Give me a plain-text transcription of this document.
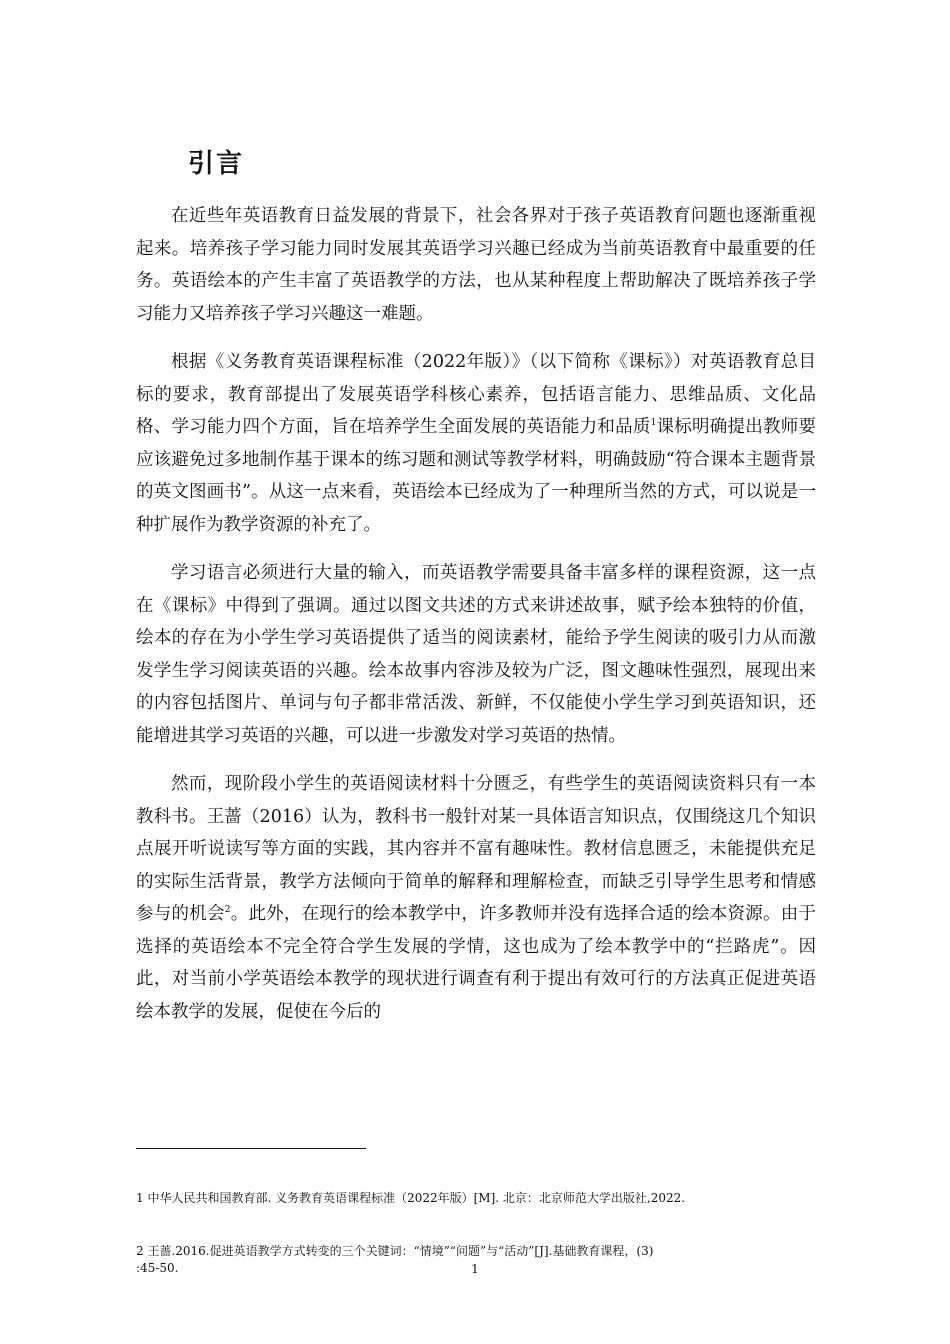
引言

在近些年英语教育日益发展的背景下，社会各界对于孩子英语教育问题也逐渐重视起来。培养孩子学习能力同时发展其英语学习兴趣已经成为当前英语教育中最重要的任务。英语绘本的产生丰富了英语教学的方法，也从某种程度上帮助解决了既培养孩子学习能力又培养孩子学习兴趣这一难题。

根据《义务教育英语课程标准（2022年版）》（以下简称《课标》）对英语教育总目标的要求，教育部提出了发展英语学科核心素养，包括语言能力、思维品质、文化品格、学习能力四个方面，旨在培养学生全面发展的英语能力和品质$^1$课标明确提出教师要应该避免过多地制作基于课本的练习题和测试等教学材料，明确鼓励“符合课本主题背景的英文图画书”。从这一点来看，英语绘本已经成为了一种理所当然的方式，可以说是一种扩展作为教学资源的补充了。

学习语言必须进行大量的输入，而英语教学需要具备丰富多样的课程资源，这一点在《课标》中得到了强调。通过以图文共述的方式来讲述故事，赋予绘本独特的价值，绘本的存在为小学生学习英语提供了适当的阅读素材，能给予学生阅读的吸引力从而激发学生学习阅读英语的兴趣。绘本故事内容涉及较为广泛，图文趣味性强烈，展现出来的内容包括图片、单词与句子都非常活泼、新鲜，不仅能使小学生学习到英语知识，还能增进其学习英语的兴趣，可以进一步激发对学习英语的热情。

然而，现阶段小学生的英语阅读材料十分匮乏，有些学生的英语阅读资料只有一本教科书。王蔷（2016）认为，教科书一般针对某一具体语言知识点，仅围绕这几个知识点展开听说读写等方面的实践，其内容并不富有趣味性。教材信息匮乏，未能提供充足的实际生活背景，教学方法倾向于简单的解释和理解检查，而缺乏引导学生思考和情感参与的机会$^2$。此外，在现行的绘本教学中，许多教师并没有选择合适的绘本资源。由于选择的英语绘本不完全符合学生发展的学情，这也成为了绘本教学中的“拦路虎”。因此，对当前小学英语绘本教学的现状进行调查有利于提出有效可行的方法真正促进英语绘本教学的发展，促使在今后的

1 中华人民共和国教育部. 义务教育英语课程标准（2022年版）[M]. 北京：北京师范大学出版社,2022.

2 王蔷.2016.促进英语教学方式转变的三个关键词：“情境”“问题”与“活动”[J].基础教育课程，(3)
:45-50.

	1
